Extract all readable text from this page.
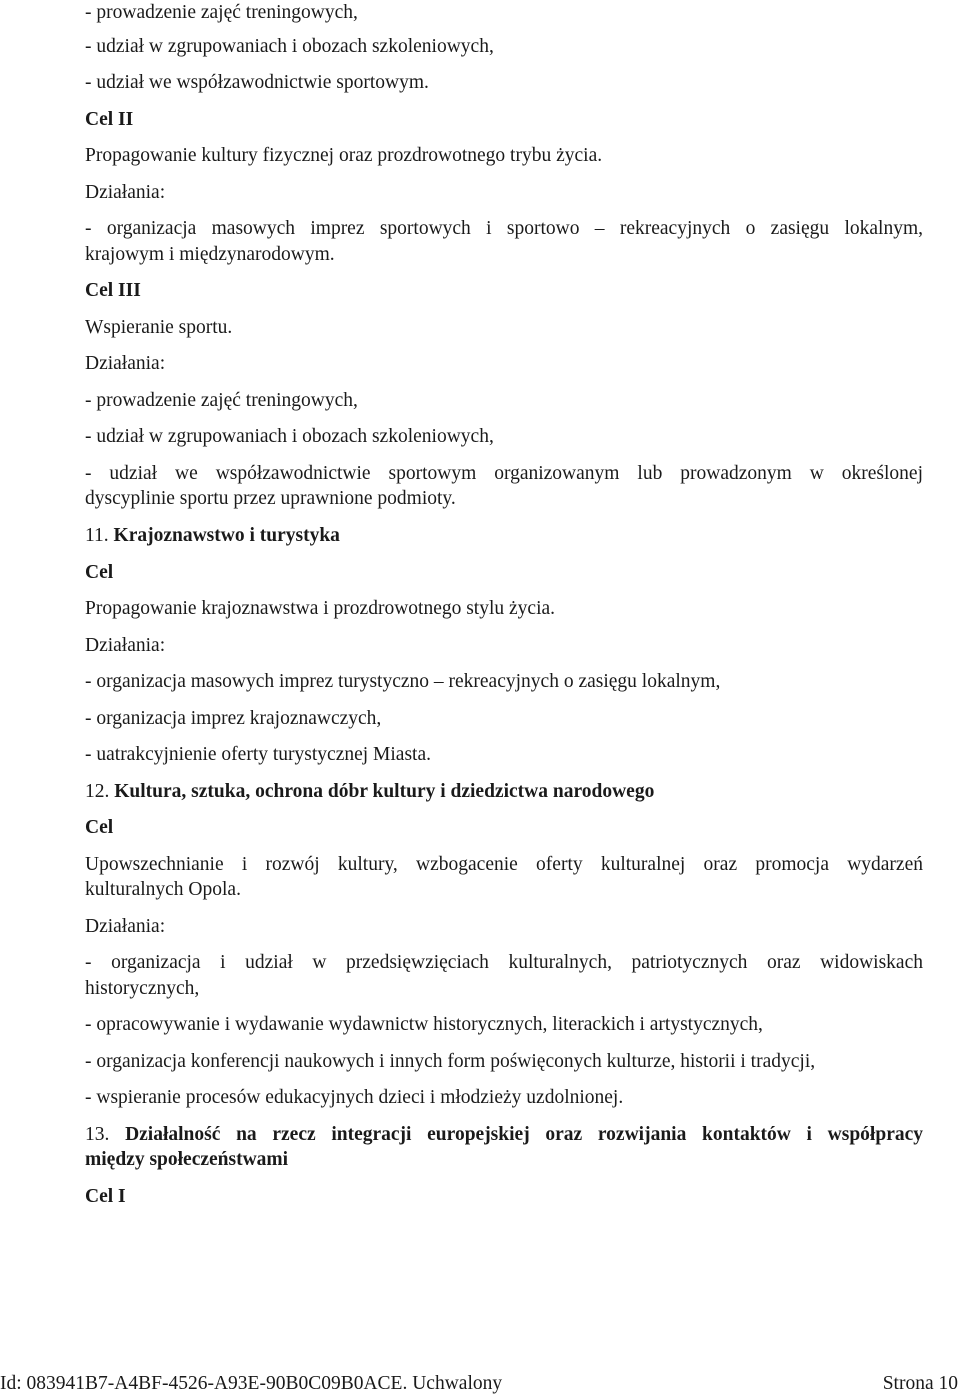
- prowadzenie zajęć treningowych,
- udział w zgrupowaniach i obozach szkoleniowych,
- udział we współzawodnictwie sportowym.
Cel II
Propagowanie kultury fizycznej oraz prozdrowotnego trybu życia.
Działania:
- organizacja masowych imprez sportowych i sportowo – rekreacyjnych o zasięgu lokalnym,
krajowym i międzynarodowym.
Cel III
Wspieranie sportu.
Działania:
- prowadzenie zajęć treningowych,
- udział w zgrupowaniach i obozach szkoleniowych,
- udział we współzawodnictwie sportowym organizowanym lub prowadzonym w określonej
dyscyplinie sportu przez uprawnione podmioty.
11. Krajoznawstwo i turystyka
Cel
Propagowanie krajoznawstwa i prozdrowotnego stylu życia.
Działania:
- organizacja masowych imprez turystyczno – rekreacyjnych o zasięgu lokalnym,
- organizacja imprez krajoznawczych,
- uatrakcyjnienie oferty turystycznej Miasta.
12. Kultura, sztuka, ochrona dóbr kultury i dziedzictwa narodowego
Cel
Upowszechnianie i rozwój kultury, wzbogacenie oferty kulturalnej oraz promocja wydarzeń
kulturalnych Opola.
Działania:
- organizacja i udział w przedsięwzięciach kulturalnych, patriotycznych oraz widowiskach
historycznych,
- opracowywanie i wydawanie wydawnictw historycznych, literackich i artystycznych,
- organizacja konferencji naukowych i innych form poświęconych kulturze, historii i tradycji,
- wspieranie procesów edukacyjnych dzieci i młodzieży uzdolnionej.
13. Działalność na rzecz integracji europejskiej oraz rozwijania kontaktów i współpracy
między społeczeństwami
Cel I
Id: 083941B7-A4BF-4526-A93E-90B0C09B0ACE. Uchwalony	Strona 10
